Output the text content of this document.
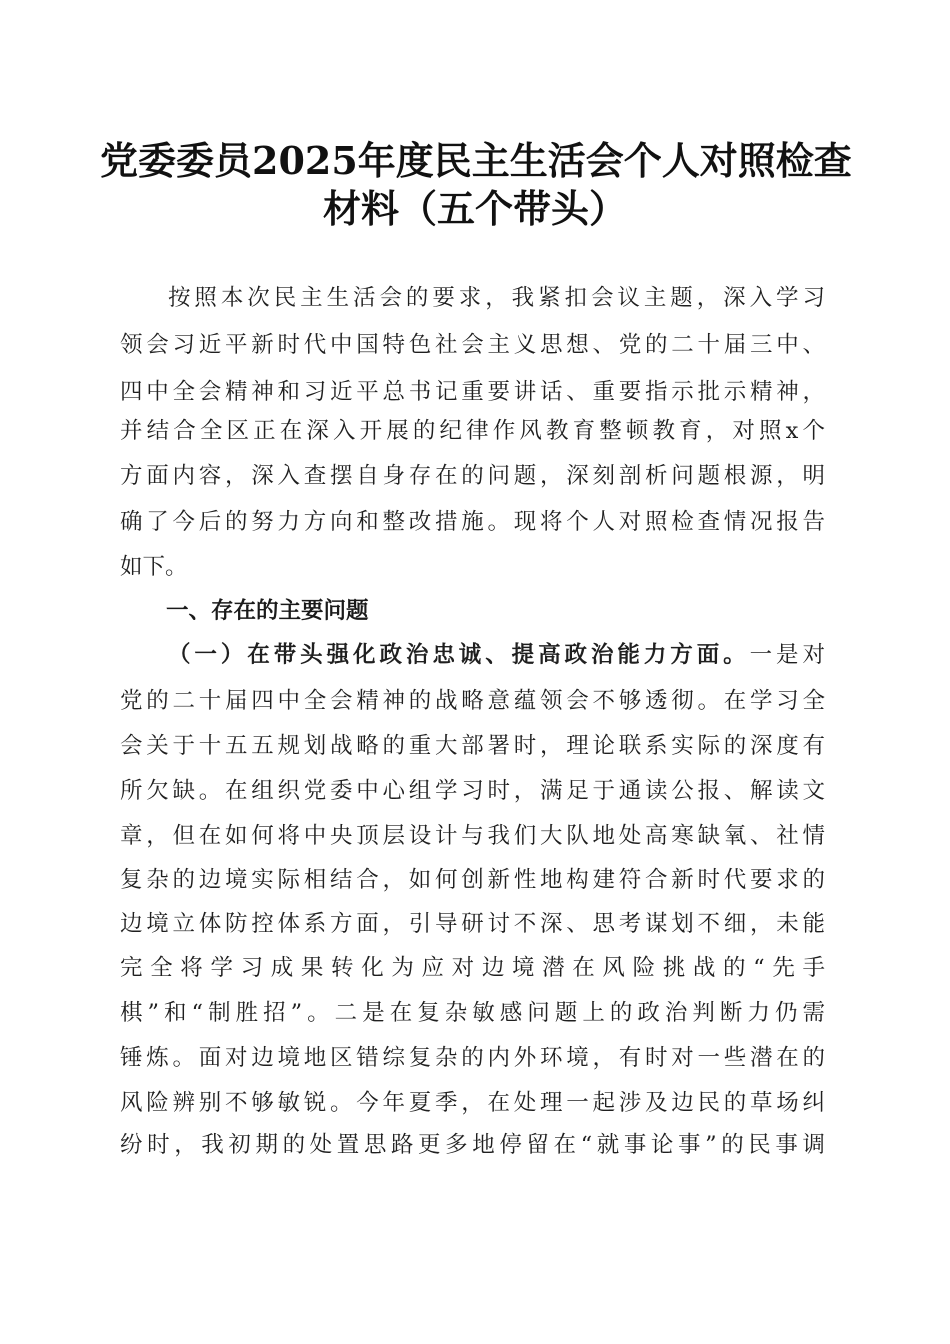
党委委员2025年度民主生活会个人对照检查
材料（五个带头）
按照本次民主生活会的要求，我紧扣会议主题，深入学习
领会习近平新时代中国特色社会主义思想、党的二十届三中、
四中全会精神和习近平总书记重要讲话、重要指示批示精神，
并结合全区正在深入开展的纪律作风教育整顿教育，对照x个
方面内容，深入查摆自身存在的问题，深刻剖析问题根源，明
确了今后的努力方向和整改措施。现将个人对照检查情况报告
如下。
一、存在的主要问题
（一）在带头强化政治忠诚、提高政治能力方面。一是对
党的二十届四中全会精神的战略意蕴领会不够透彻。在学习全
会关于十五五规划战略的重大部署时，理论联系实际的深度有
所欠缺。在组织党委中心组学习时，满足于通读公报、解读文
章，但在如何将中央顶层设计与我们大队地处高寒缺氧、社情
复杂的边境实际相结合，如何创新性地构建符合新时代要求的
边境立体防控体系方面，引导研讨不深、思考谋划不细，未能
完全将学习成果转化为应对边境潜在风险挑战的“先手
棋”和“制胜招”。二是在复杂敏感问题上的政治判断力仍需
锤炼。面对边境地区错综复杂的内外环境，有时对一些潜在的
风险辨别不够敏锐。今年夏季，在处理一起涉及边民的草场纠
纷时，我初期的处置思路更多地停留在“就事论事”的民事调
